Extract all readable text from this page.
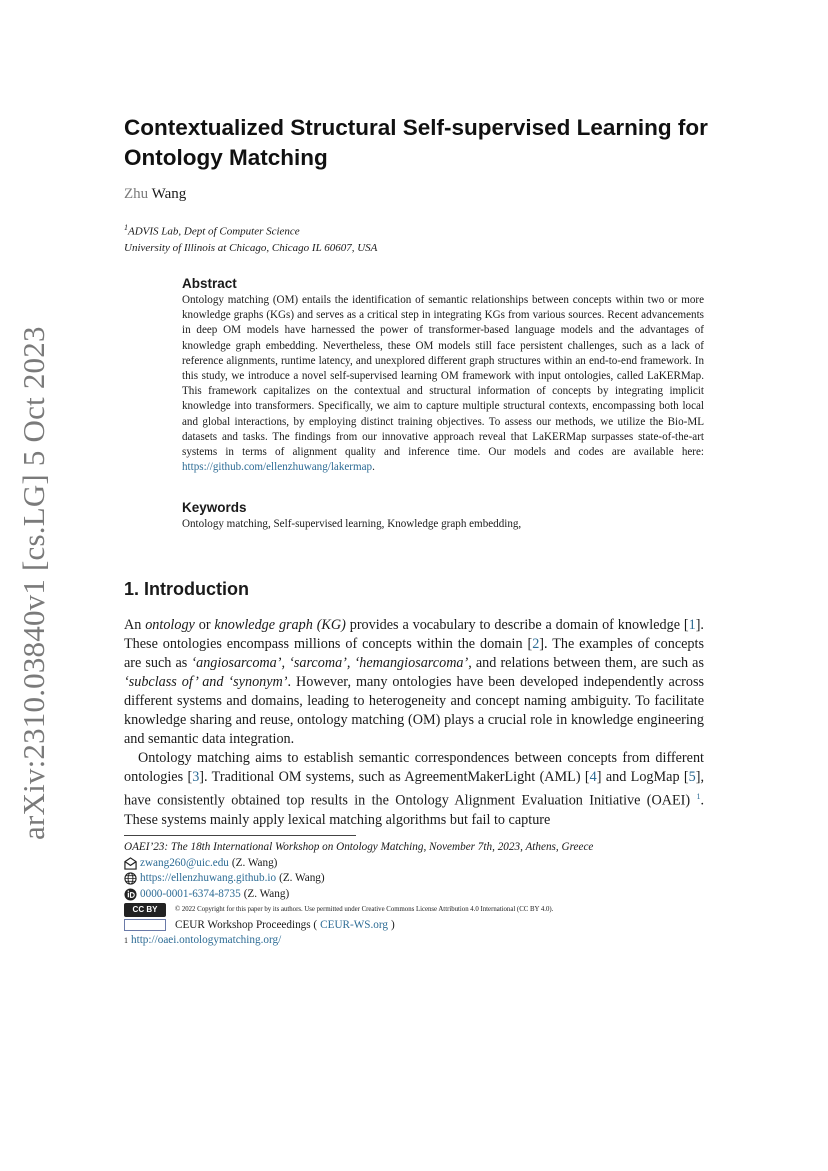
arXiv:2310.03840v1 [cs.LG] 5 Oct 2023
Contextualized Structural Self-supervised Learning for Ontology Matching
Zhu Wang
$^1$ADVIS Lab, Dept of Computer Science
University of Illinois at Chicago, Chicago IL 60607, USA
Abstract
Ontology matching (OM) entails the identification of semantic relationships between concepts within two or more knowledge graphs (KGs) and serves as a critical step in integrating KGs from various sources. Recent advancements in deep OM models have harnessed the power of transformer-based language models and the advantages of knowledge graph embedding. Nevertheless, these OM models still face persistent challenges, such as a lack of reference alignments, runtime latency, and unexplored different graph structures within an end-to-end framework. In this study, we introduce a novel self-supervised learning OM framework with input ontologies, called LaKERMap. This framework capitalizes on the contextual and structural information of concepts by integrating implicit knowledge into transformers. Specifically, we aim to capture multiple structural contexts, encompassing both local and global interactions, by employing distinct training objectives. To assess our methods, we utilize the Bio-ML datasets and tasks. The findings from our innovative approach reveal that LaKERMap surpasses state-of-the-art systems in terms of alignment quality and inference time. Our models and codes are available here: https://github.com/ellenzhuwang/lakermap.
Keywords
Ontology matching, Self-supervised learning, Knowledge graph embedding,
1. Introduction
An ontology or knowledge graph (KG) provides a vocabulary to describe a domain of knowledge [1]. These ontologies encompass millions of concepts within the domain [2]. The examples of concepts are such as ‘angiosarcoma’, ‘sarcoma’, ‘hemangiosarcoma’, and relations between them, are such as ‘subclass of’ and ‘synonym’. However, many ontologies have been developed independently across different systems and domains, leading to heterogeneity and concept naming ambiguity. To facilitate knowledge sharing and reuse, ontology matching (OM) plays a crucial role in knowledge engineering and semantic data integration.
Ontology matching aims to establish semantic correspondences between concepts from different ontologies [3]. Traditional OM systems, such as AgreementMakerLight (AML) [4] and LogMap [5], have consistently obtained top results in the Ontology Alignment Evaluation Initiative (OAEI) $^1$. These systems mainly apply lexical matching algorithms but fail to capture
OAEI’23: The 18th International Workshop on Ontology Matching, November 7th, 2023, Athens, Greece
zwang260@uic.edu (Z. Wang)
https://ellenzhuwang.github.io (Z. Wang)
0000-0001-6374-8735 (Z. Wang)
CC BY	© 2022 Copyright for this paper by its authors. Use permitted under Creative Commons License Attribution 4.0 International (CC BY 4.0).
CEUR Workshop Proceedings ( CEUR-WS.org )
1 http://oaei.ontologymatching.org/
